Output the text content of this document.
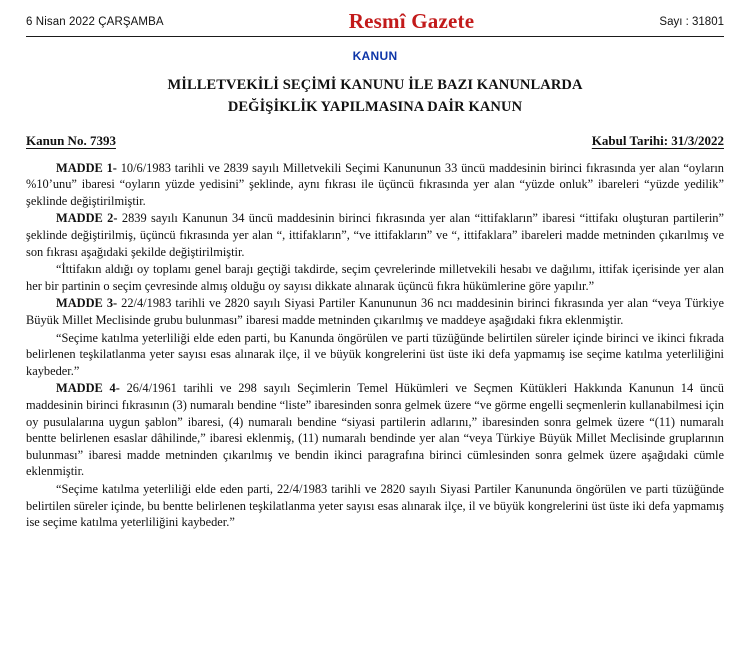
6 Nisan 2022 ÇARŞAMBA	Resmî Gazete	Sayı : 31801
KANUN
MİLLETVEKİLİ SEÇİMİ KANUNU İLE BAZI KANUNLARDA
DEĞİŞİKLİK YAPILMASINA DAİR KANUN
Kanun No. 7393	Kabul Tarihi: 31/3/2022

MADDE 1- 10/6/1983 tarihli ve 2839 sayılı Milletvekili Seçimi Kanununun 33 üncü maddesinin birinci fıkrasında yer alan “oyların %10’unu” ibaresi “oyların yüzde yedisini” şeklinde, aynı fıkrası ile üçüncü fıkrasında yer alan “yüzde onluk” ibareleri “yüzde yedilik” şeklinde değiştirilmiştir.

MADDE 2- 2839 sayılı Kanunun 34 üncü maddesinin birinci fıkrasında yer alan “ittifakların” ibaresi “ittifakı oluşturan partilerin” şeklinde değiştirilmiş, üçüncü fıkrasında yer alan “, ittifakların”, “ve ittifakların” ve “, ittifaklara” ibareleri madde metninden çıkarılmış ve son fıkrası aşağıdaki şekilde değiştirilmiştir.

“İttifakın aldığı oy toplamı genel barajı geçtiği takdirde, seçim çevrelerinde milletvekili hesabı ve dağılımı, ittifak içerisinde yer alan her bir partinin o seçim çevresinde almış olduğu oy sayısı dikkate alınarak üçüncü fıkra hükümlerine göre yapılır.”

MADDE 3- 22/4/1983 tarihli ve 2820 sayılı Siyasi Partiler Kanununun 36 ncı maddesinin birinci fıkrasında yer alan “veya Türkiye Büyük Millet Meclisinde grubu bulunması” ibaresi madde metninden çıkarılmış ve maddeye aşağıdaki fıkra eklenmiştir.

“Seçime katılma yeterliliği elde eden parti, bu Kanunda öngörülen ve parti tüzüğünde belirtilen süreler içinde birinci ve ikinci fıkrada belirlenen teşkilatlanma yeter sayısı esas alınarak ilçe, il ve büyük kongrelerini üst üste iki defa yapmamış ise seçime katılma yeterliliğini kaybeder.”

MADDE 4- 26/4/1961 tarihli ve 298 sayılı Seçimlerin Temel Hükümleri ve Seçmen Kütükleri Hakkında Kanunun 14 üncü maddesinin birinci fıkrasının (3) numaralı bendine “liste” ibaresinden sonra gelmek üzere “ve görme engelli seçmenlerin kullanabilmesi için oy pusulalarına uygun şablon” ibaresi, (4) numaralı bendine “siyasi partilerin adlarını,” ibaresinden sonra gelmek üzere “(11) numaralı bentte belirlenen esaslar dâhilinde,” ibaresi eklenmiş, (11) numaralı bendinde yer alan “veya Türkiye Büyük Millet Meclisinde gruplarının bulunması” ibaresi madde metninden çıkarılmış ve bendin ikinci paragrafına birinci cümlesinden sonra gelmek üzere aşağıdaki cümle eklenmiştir.

“Seçime katılma yeterliliği elde eden parti, 22/4/1983 tarihli ve 2820 sayılı Siyasi Partiler Kanununda öngörülen ve parti tüzüğünde belirtilen süreler içinde, bu bentte belirlenen teşkilatlanma yeter sayısı esas alınarak ilçe, il ve büyük kongrelerini üst üste iki defa yapmamış ise seçime katılma yeterliliğini kaybeder.”
